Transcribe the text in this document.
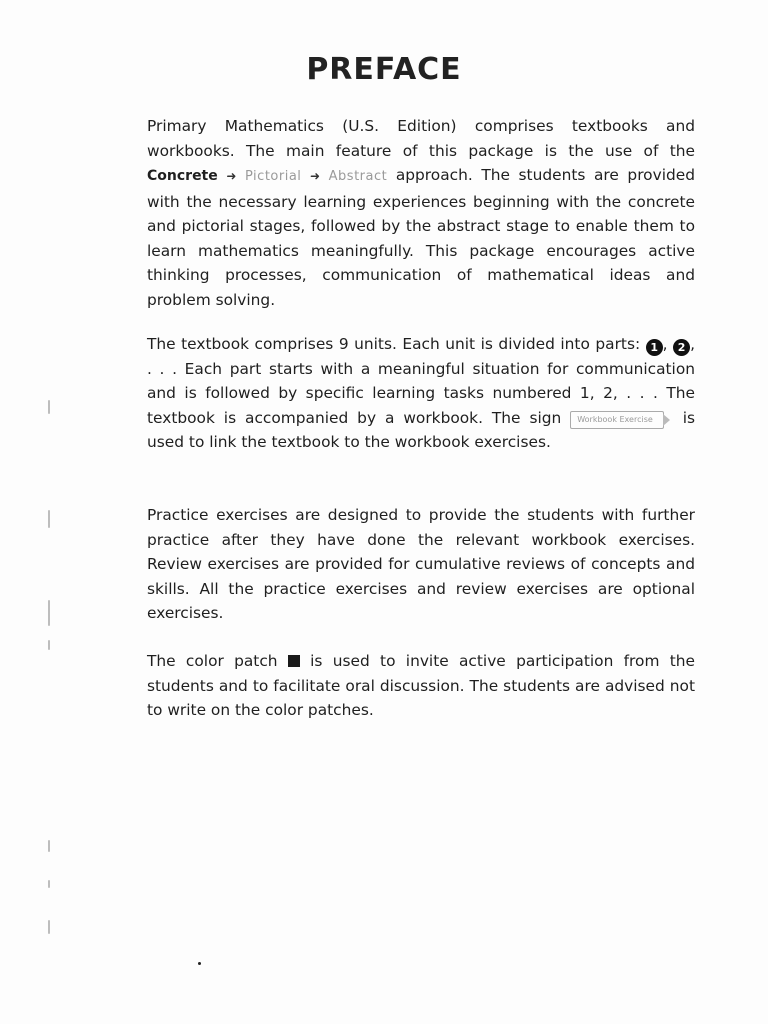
PREFACE
Primary Mathematics (U.S. Edition) comprises textbooks and workbooks. The main feature of this package is the use of the Concrete ➜ Pictorial ➜ Abstract approach. The students are provided with the necessary learning experiences beginning with the concrete and pictorial stages, followed by the abstract stage to enable them to learn mathematics meaningfully. This package encourages active thinking processes, communication of mathematical ideas and problem solving.
The textbook comprises 9 units. Each unit is divided into parts: 1 , 2 , . . . Each part starts with a meaningful situation for communication and is followed by specific learning tasks numbered 1, 2, . . . The textbook is accompanied by a workbook. The sign Workbook Exercise is used to link the textbook to the workbook exercises.
Practice exercises are designed to provide the students with further practice after they have done the relevant workbook exercises. Review exercises are provided for cumulative reviews of concepts and skills. All the practice exercises and review exercises are optional exercises.
The color patch  is used to invite active participation from the students and to facilitate oral discussion. The students are advised not to write on the color patches.
